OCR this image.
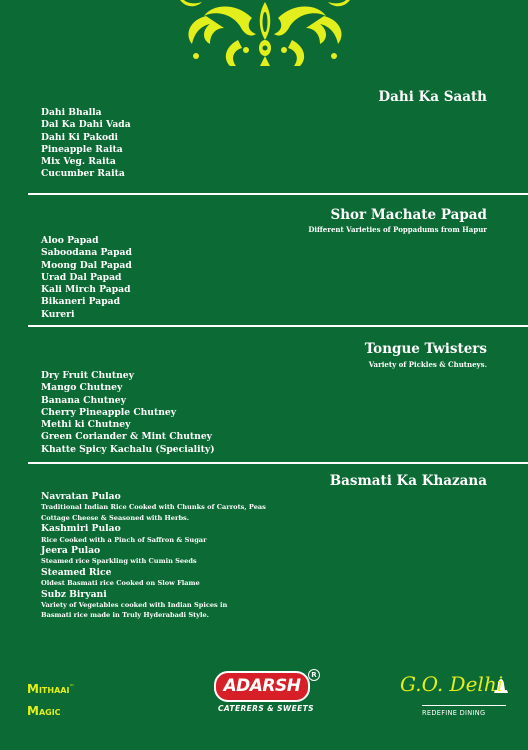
Dahi Ka Saath
Dahi Bhalla
Dal Ka Dahi Vada
Dahi Ki Pakodi
Pineapple Raita
Mix Veg. Raita
Cucumber Raita
Shor Machate Papad
Different Varieties of Poppadums from Hapur
Aloo Papad
Saboodana Papad
Moong Dal Papad
Urad Dal Papad
Kali Mirch Papad
Bikaneri Papad
Kureri
Tongue Twisters
Variety of Pickles & Chutneys.
Dry Fruit Chutney
Mango Chutney
Banana Chutney
Cherry Pineapple Chutney
Methi ki Chutney
Green Coriander & Mint Chutney
Khatte Spicy Kachalu (Speciality)
Basmati Ka Khazana
Navratan Pulao
Traditional Indian Rice Cooked with Chunks of Carrots, Peas
Cottage Cheese & Seasoned with Herbs.
Kashmiri Pulao
Rice Cooked with a Pinch of Saffron & Sugar
Jeera Pulao
Steamed rice Sparkling with Cumin Seeds
Steamed Rice
Oldest Basmati rice Cooked on Slow Flame
Subz Biryani
Variety of Vegetables cooked with Indian Spices in
Basmati rice made in Truly Hyderabadi Style.
Mithaai™
Magic
ADARSH
R
CATERERS & SWEETS
G.O. Delhi
REDEFINE DINING
